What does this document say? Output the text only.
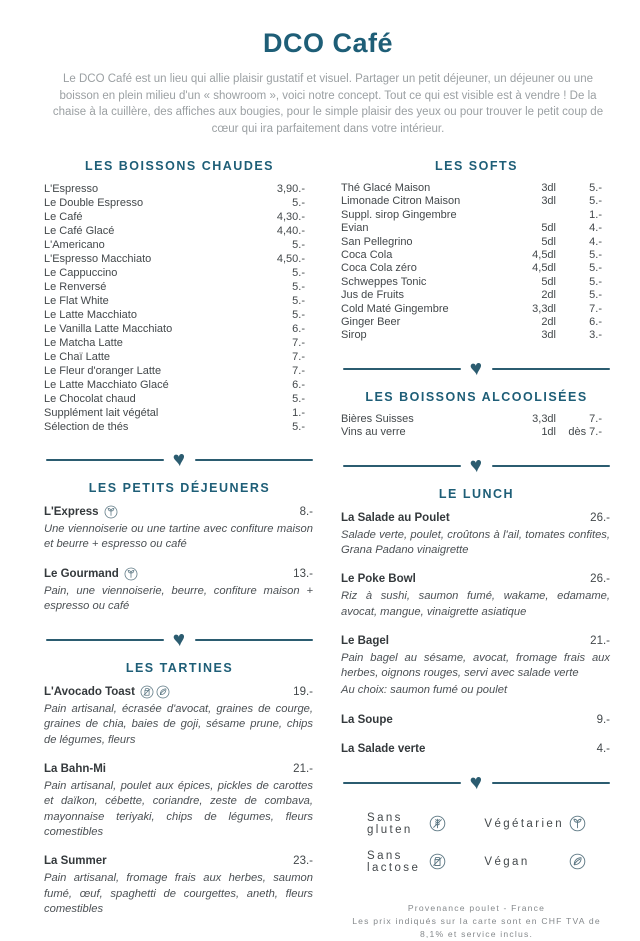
DCO Café
Le DCO Café est un lieu qui allie plaisir gustatif et visuel. Partager un petit déjeuner, un déjeuner ou une boisson en plein milieu d'un « showroom », voici notre concept. Tout ce qui est visible est à vendre ! De la chaise à la cuillère, des affiches aux bougies, pour le simple plaisir des yeux ou pour trouver le petit coup de cœur qui ira parfaitement dans votre intérieur.
LES BOISSONS CHAUDES
L'Espresso	3,90.-
Le Double Espresso	5.-
Le Café	4,30.-
Le Café Glacé	4,40.-
L'Americano	5.-
L'Espresso Macchiato	4,50.-
Le Cappuccino	5.-
Le Renversé	5.-
Le Flat White	5.-
Le Latte Macchiato	5.-
Le Vanilla Latte Macchiato	6.-
Le Matcha Latte	7.-
Le Chaï Latte	7.-
Le Fleur d'oranger Latte	7.-
Le Latte Macchiato Glacé	6.-
Le Chocolat chaud	5.-
Supplément lait végétal	1.-
Sélection de thés	5.-
♥
LES PETITS DÉJEUNERS
L'Express	8.-
Une viennoiserie ou une tartine avec confiture maison et beurre + espresso ou café
Le Gourmand	13.-
Pain, une viennoiserie, beurre, confiture maison + espresso ou café
♥
LES TARTINES
L'Avocado Toast	19.-
Pain artisanal, écrasée d'avocat, graines de courge, graines de chia, baies de goji, sésame prune, chips de légumes, fleurs
La Bahn-Mi	21.-
Pain artisanal, poulet aux épices, pickles de carottes et daïkon, cébette, coriandre, zeste de combava, mayonnaise teriyaki, chips de légumes, fleurs comestibles
La Summer	23.-
Pain artisanal, fromage frais aux herbes, saumon fumé, œuf, spaghetti de courgettes, aneth, fleurs comestibles
LES SOFTS
Thé Glacé Maison	3dl	5.-
Limonade Citron Maison	3dl	5.-
Suppl. sirop Gingembre	1.-
Evian	5dl	4.-
San Pellegrino	5dl	4.-
Coca Cola	4,5dl	5.-
Coca Cola zéro	4,5dl	5.-
Schweppes Tonic	5dl	5.-
Jus de Fruits	2dl	5.-
Cold Maté Gingembre	3,3dl	7.-
Ginger Beer	2dl	6.-
Sirop	3dl	3.-
♥
LES BOISSONS ALCOOLISÉES
Bières Suisses	3,3dl	7.-
Vins au verre	1dl	dès 7.-
♥
LE LUNCH
La Salade au Poulet	26.-
Salade verte, poulet, croûtons à l'ail, tomates confites, Grana Padano vinaigrette
Le Poke Bowl	26.-
Riz à sushi, saumon fumé, wakame, edamame, avocat, mangue, vinaigrette asiatique
Le Bagel	21.-
Pain bagel au sésame, avocat, fromage frais aux herbes, oignons rouges, servi avec salade verte
Au choix: saumon fumé ou poulet
La Soupe	9.-
La Salade verte	4.-
♥
Sans gluten	Végétarien
Sans lactose	Végan
Provenance poulet - France
Les prix indiqués sur la carte sont en CHF TVA de 8,1% et service inclus.
